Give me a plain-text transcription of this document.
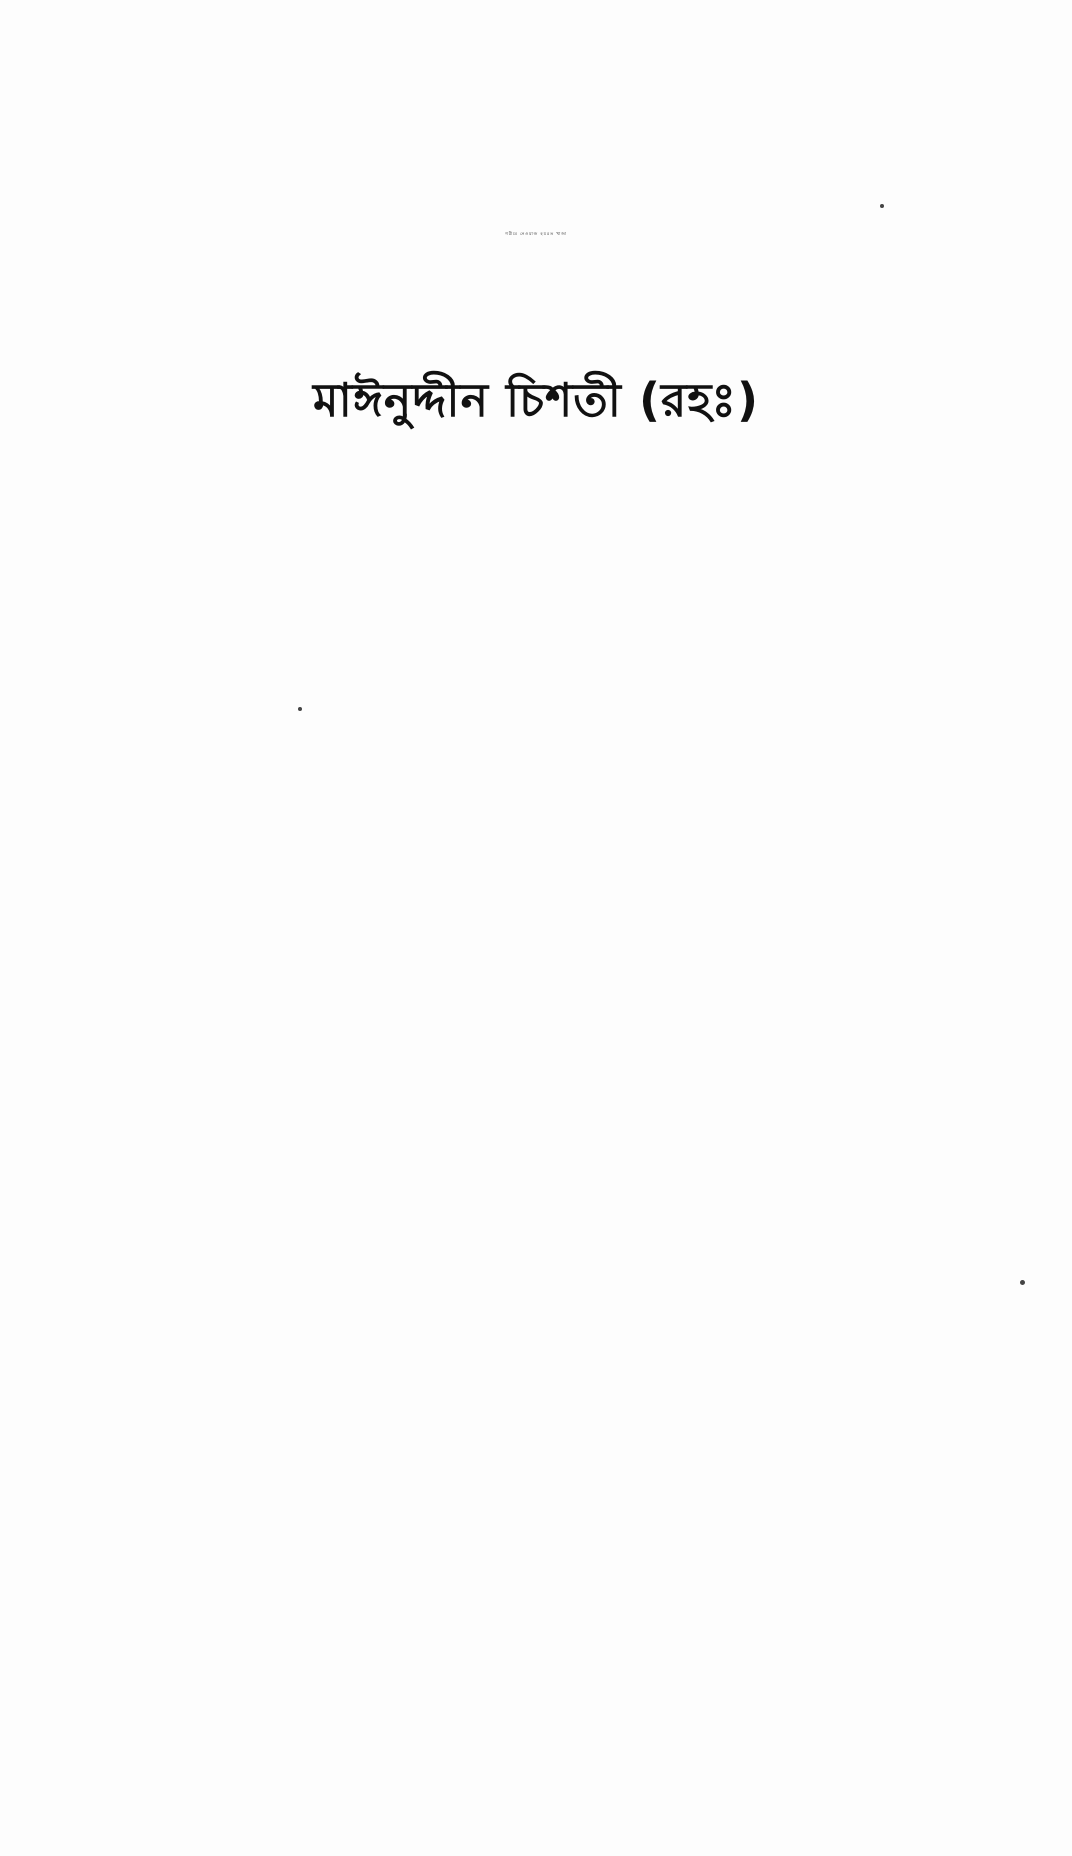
গরীবে নেওয়াজ হযরত খাজা
মাঈনুদ্দীন চিশতী (রহঃ)
